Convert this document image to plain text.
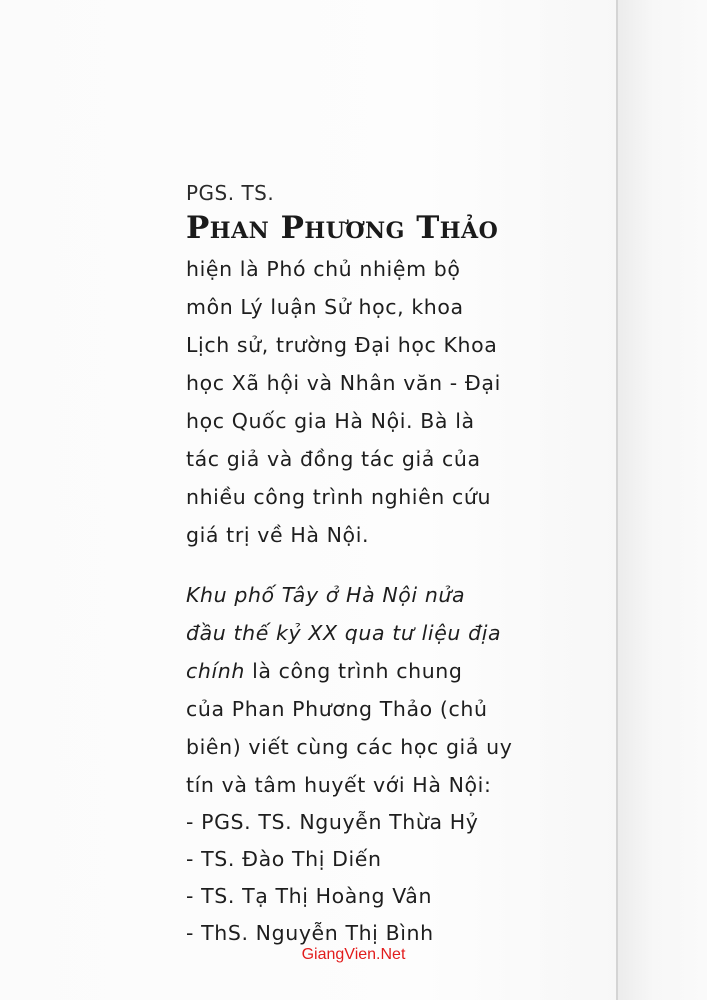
PGS. TS.

Phan Phương Thảo

hiện là Phó chủ nhiệm bộ

môn Lý luận Sử học, khoa

Lịch sử, trường Đại học Khoa

học Xã hội và Nhân văn - Đại

học Quốc gia Hà Nội. Bà là

tác giả và đồng tác giả của

nhiều công trình nghiên cứu

giá trị về Hà Nội.

Khu phố Tây ở Hà Nội nửa

đầu thế kỷ XX qua tư liệu địa

chính là công trình chung

của Phan Phương Thảo (chủ

biên) viết cùng các học giả uy

tín và tâm huyết với Hà Nội:

- PGS. TS. Nguyễn Thừa Hỷ
- TS. Đào Thị Diến
- TS. Tạ Thị Hoàng Vân
- ThS. Nguyễn Thị Bình
GiangVien.Net
